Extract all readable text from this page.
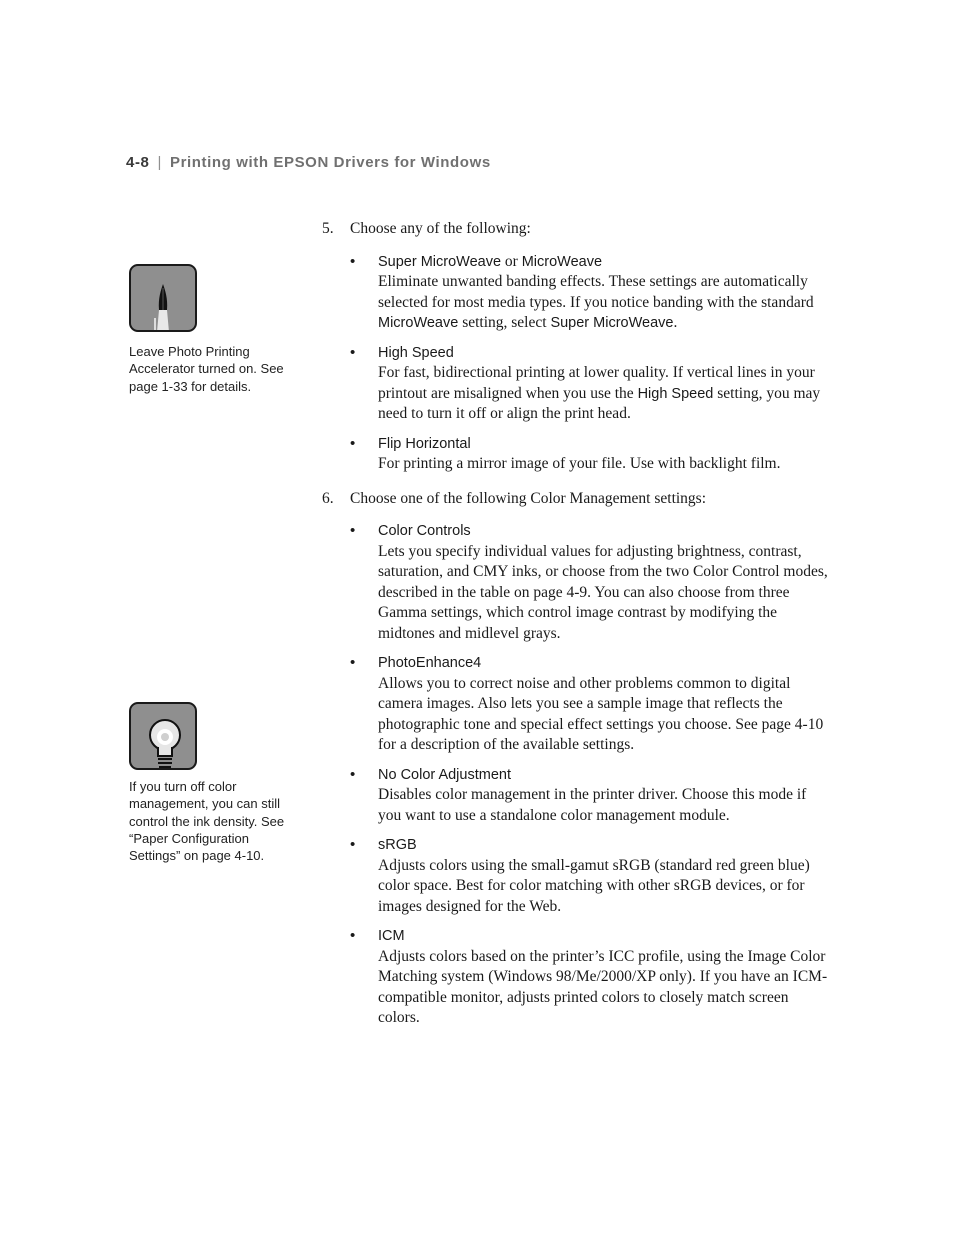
4-8 | Printing with EPSON Drivers for Windows
Leave Photo Printing Accelerator turned on. See page 1-33 for details.
If you turn off color management, you can still control the ink density. See “Paper Configuration Settings” on page 4-10.
5. Choose any of the following:
• Super MicroWeave or MicroWeave
Eliminate unwanted banding effects. These settings are automatically selected for most media types. If you notice banding with the standard MicroWeave setting, select Super MicroWeave.
• High Speed
For fast, bidirectional printing at lower quality. If vertical lines in your printout are misaligned when you use the High Speed setting, you may need to turn it off or align the print head.
• Flip Horizontal
For printing a mirror image of your file. Use with backlight film.
6. Choose one of the following Color Management settings:
• Color Controls
Lets you specify individual values for adjusting brightness, contrast, saturation, and CMY inks, or choose from the two Color Control modes, described in the table on page 4-9. You can also choose from three Gamma settings, which control image contrast by modifying the midtones and midlevel grays.
• PhotoEnhance4
Allows you to correct noise and other problems common to digital camera images. Also lets you see a sample image that reflects the photographic tone and special effect settings you choose. See page 4-10 for a description of the available settings.
• No Color Adjustment
Disables color management in the printer driver. Choose this mode if you want to use a standalone color management module.
• sRGB
Adjusts colors using the small-gamut sRGB (standard red green blue) color space. Best for color matching with other sRGB devices, or for images designed for the Web.
• ICM
Adjusts colors based on the printer’s ICC profile, using the Image Color Matching system (Windows 98/Me/2000/XP only). If you have an ICM-compatible monitor, adjusts printed colors to closely match screen colors.
